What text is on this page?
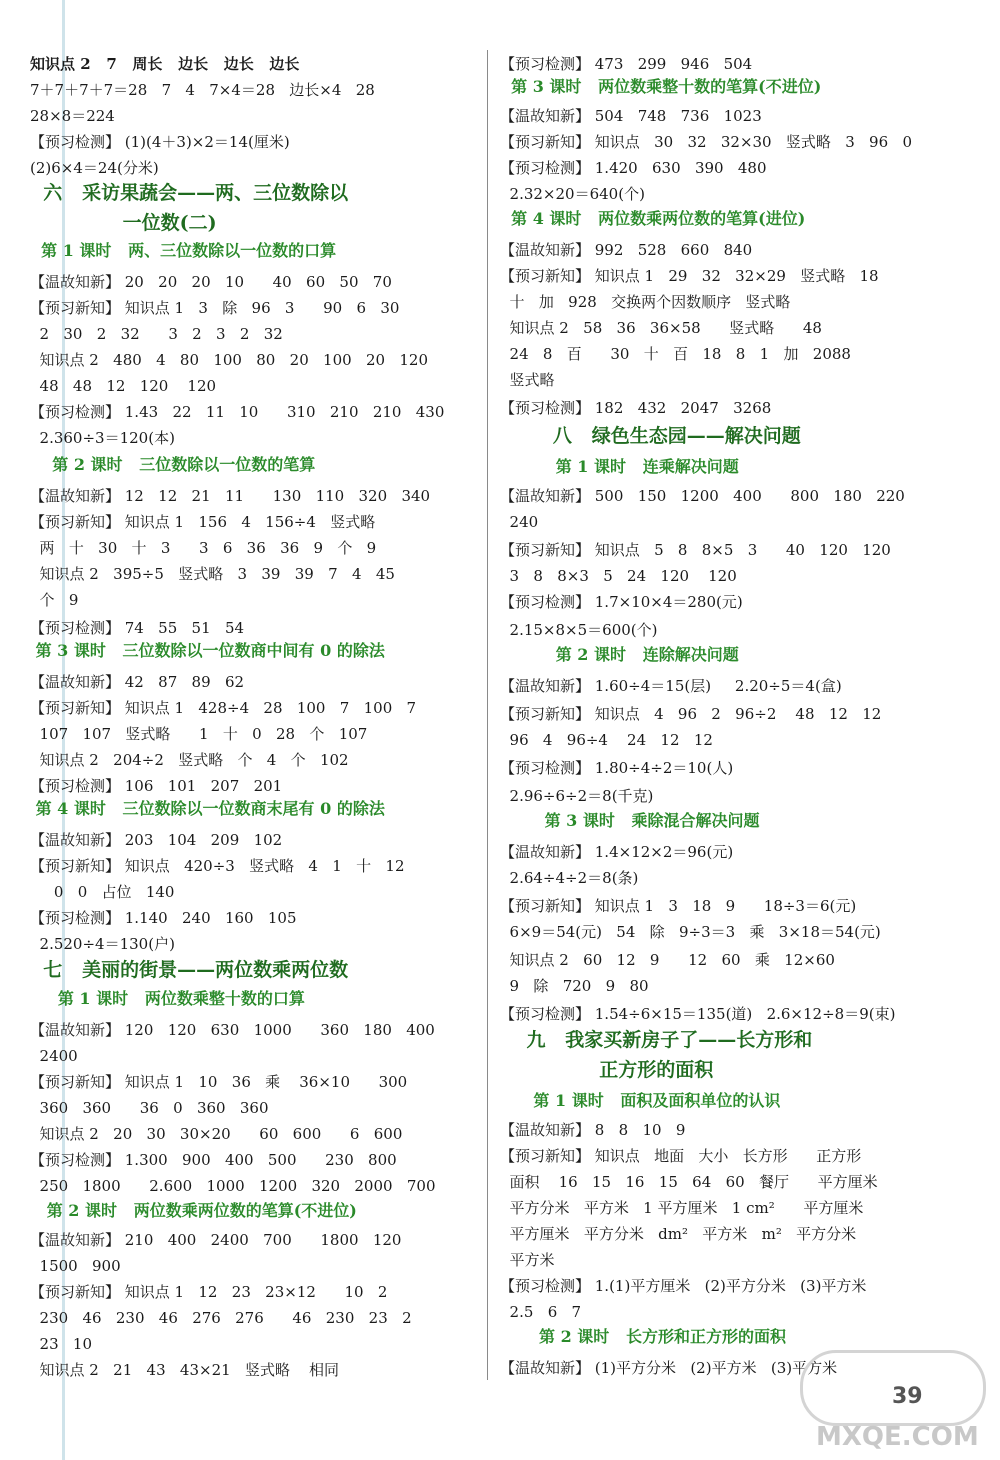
知识点 2   7   周长   边长   边长   边长
7＋7＋7＋7＝28   7   4   7×4＝28   边长×4   28
28×8＝224
【预习检测】 (1)(4＋3)×2＝14(厘米)
(2)6×4＝24(分米)
六   采访果蔬会——两、三位数除以
一位数(二)
第 1 课时   两、三位数除以一位数的口算
【温故知新】 20   20   20   10      40   60   50   70
【预习新知】 知识点 1   3   除   96   3      90   6   30
2   30   2   32      3   2   3   2   32
知识点 2   480   4   80   100   80   20   100   20   120
48   48   12   120    120
【预习检测】 1.43   22   11   10      310   210   210   430
2.360÷3＝120(本)
第 2 课时   三位数除以一位数的笔算
【温故知新】 12   12   21   11      130   110   320   340
【预习新知】 知识点 1   156   4   156÷4   竖式略
两   十   30   十   3      3   6   36   36   9   个   9
知识点 2   395÷5   竖式略   3   39   39   7   4   45
个   9
【预习检测】 74   55   51   54
第 3 课时   三位数除以一位数商中间有 0 的除法
【温故知新】 42   87   89   62
【预习新知】 知识点 1   428÷4   28   100   7   100   7
107   107   竖式略      1   十   0   28   个   107
知识点 2   204÷2   竖式略   个   4   个   102
【预习检测】 106   101   207   201
第 4 课时   三位数除以一位数商末尾有 0 的除法
【温故知新】 203   104   209   102
【预习新知】 知识点   420÷3   竖式略   4   1   十   12
0   0   占位   140
【预习检测】 1.140   240   160   105
2.520÷4＝130(户)
七   美丽的街景——两位数乘两位数
第 1 课时   两位数乘整十数的口算
【温故知新】 120   120   630   1000      360   180   400
2400
【预习新知】 知识点 1   10   36   乘    36×10      300
360   360      36   0   360   360
知识点 2   20   30   30×20      60   600      6   600
【预习检测】 1.300   900   400   500      230   800
250   1800      2.600   1000   1200   320   2000   700
第 2 课时   两位数乘两位数的笔算(不进位)
【温故知新】 210   400   2400   700      1800   120
1500   900
【预习新知】 知识点 1   12   23   23×12      10   2
230   46   230   46   276   276      46   230   23   2
23   10
知识点 2   21   43   43×21   竖式略    相同
【预习检测】 473   299   946   504
第 3 课时   两位数乘整十数的笔算(不进位)
【温故知新】 504   748   736   1023
【预习新知】 知识点   30   32   32×30   竖式略   3   96   0
【预习检测】 1.420   630   390   480
2.32×20＝640(个)
第 4 课时   两位数乘两位数的笔算(进位)
【温故知新】 992   528   660   840
【预习新知】 知识点 1   29   32   32×29   竖式略   18
十   加   928   交换两个因数顺序   竖式略
知识点 2   58   36   36×58      竖式略      48
24   8   百      30   十   百   18   8   1   加   2088
竖式略
【预习检测】 182   432   2047   3268
八   绿色生态园——解决问题
第 1 课时   连乘解决问题
【温故知新】 500   150   1200   400      800   180   220
240
【预习新知】 知识点   5   8   8×5   3      40   120   120
3   8   8×3   5   24   120    120
【预习检测】 1.7×10×4＝280(元)
2.15×8×5＝600(个)
第 2 课时   连除解决问题
【温故知新】 1.60÷4＝15(层)     2.20÷5＝4(盒)
【预习新知】 知识点   4   96   2   96÷2    48   12   12
96   4   96÷4    24   12   12
【预习检测】 1.80÷4÷2＝10(人)
2.96÷6÷2＝8(千克)
第 3 课时   乘除混合解决问题
【温故知新】 1.4×12×2＝96(元)
2.64÷4÷2＝8(条)
【预习新知】 知识点 1   3   18   9      18÷3＝6(元)
6×9＝54(元)   54   除   9÷3＝3   乘   3×18＝54(元)
知识点 2   60   12   9      12   60   乘   12×60
9   除   720   9   80
【预习检测】 1.54÷6×15＝135(道)   2.6×12÷8＝9(束)
九   我家买新房子了——长方形和
正方形的面积
第 1 课时   面积及面积单位的认识
【温故知新】 8   8   10   9
【预习新知】 知识点   地面   大小   长方形      正方形
面积    16   15   16   15   64   60   餐厅      平方厘米
平方分米   平方米   1 平方厘米   1 cm²      平方厘米
平方厘米   平方分米   dm²   平方米   m²   平方分米
平方米
【预习检测】 1.(1)平方厘米   (2)平方分米   (3)平方米
2.5   6   7
第 2 课时   长方形和正方形的面积
【温故知新】 (1)平方分米   (2)平方米   (3)平方米
MXQE.COM
39
